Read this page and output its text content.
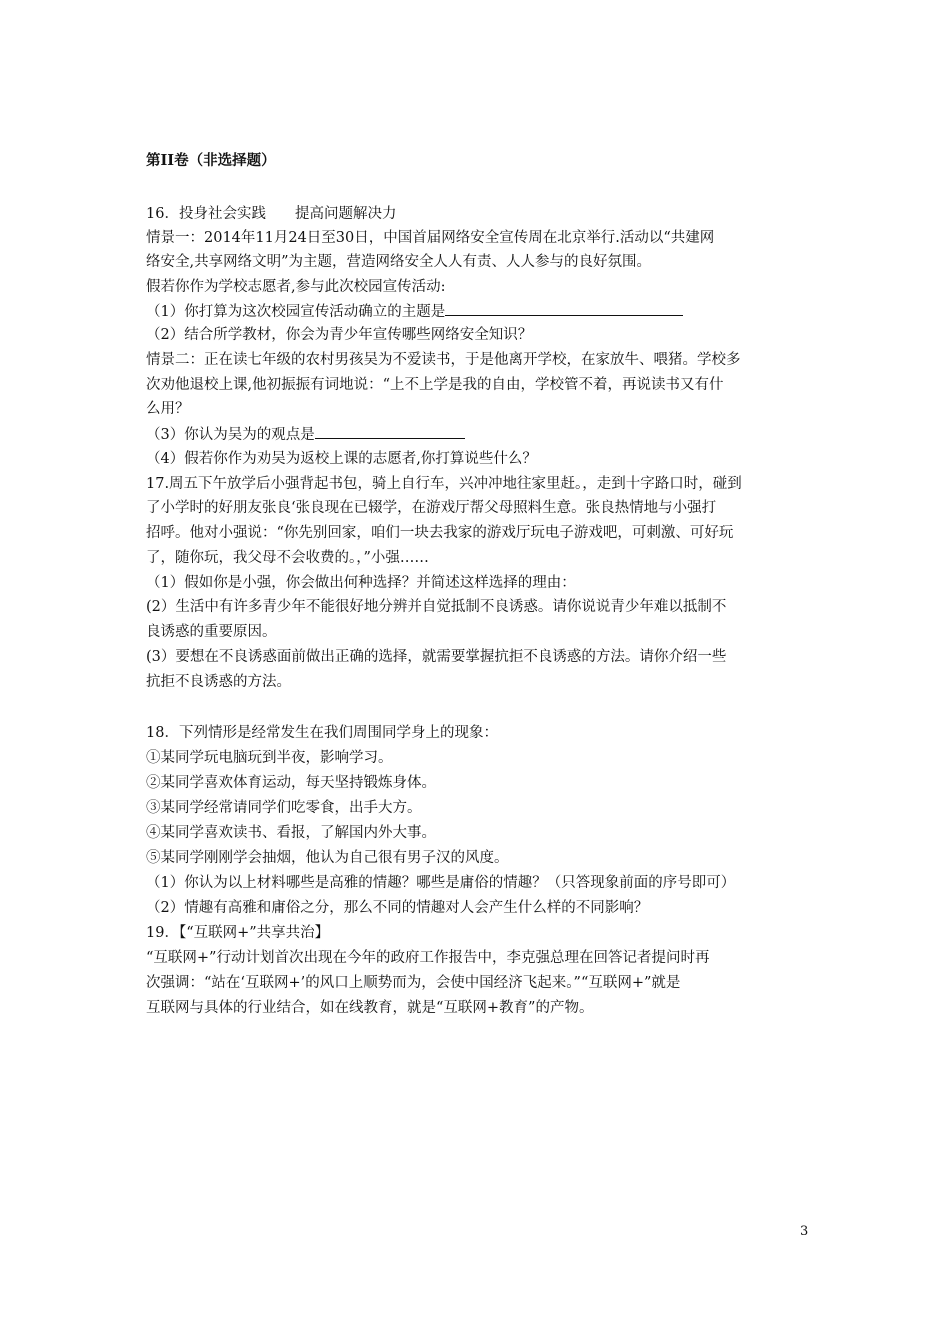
第II卷（非选择题）
16．投身社会实践　　提高问题解决力
情景一：2014年11月24日至30日，中国首届网络安全宣传周在北京举行.活动以“共建网
络安全,共享网络文明”为主题，营造网络安全人人有责、人人参与的良好氛围。
假若你作为学校志愿者,参与此次校园宣传活动:
（1）你打算为这次校园宣传活动确立的主题是
（2）结合所学教材，你会为青少年宣传哪些网络安全知识？
情景二：正在读七年级的农村男孩吴为不爱读书，于是他离开学校，在家放牛、喂猪。学校多
次劝他退校上课,他初振振有词地说：“上不上学是我的自由，学校管不着，再说读书又有什
么用？
（3）你认为吴为的观点是
（4）假若你作为劝吴为返校上课的志愿者,你打算说些什么？
17.周五下午放学后小强背起书包，骑上自行车，兴冲冲地往家里赶。，走到十字路口时，碰到
了小学时的好朋友张良‘张良现在已辍学，在游戏厅帮父母照料生意。张良热情地与小强打
招呼。他对小强说：“你先别回家，咱们一块去我家的游戏厅玩电子游戏吧，可刺激、可好玩
了，随你玩，我父母不会收费的。，”小强……
（1）假如你是小强，你会做出何种选择？并简述这样选择的理由：
(2）生活中有许多青少年不能很好地分辨并自觉抵制不良诱惑。请你说说青少年难以抵制不
良诱惑的重要原因。
(3）要想在不良诱惑面前做出正确的选择，就需要掌握抗拒不良诱惑的方法。请你介绍一些
抗拒不良诱惑的方法。
18．下列情形是经常发生在我们周围同学身上的现象：
①某同学玩电脑玩到半夜，影响学习。
②某同学喜欢体育运动，每天坚持锻炼身体。
③某同学经常请同学们吃零食，出手大方。
④某同学喜欢读书、看报，了解国内外大事。
⑤某同学刚刚学会抽烟，他认为自己很有男子汉的风度。
（1）你认为以上材料哪些是高雅的情趣？哪些是庸俗的情趣？（只答现象前面的序号即可）
（2）情趣有高雅和庸俗之分，那么不同的情趣对人会产生什么样的不同影响？
19．【“互联网+”共享共治】
“互联网+”行动计划首次出现在今年的政府工作报告中，李克强总理在回答记者提问时再
次强调：“站在‘互联网+’的风口上顺势而为，会使中国经济飞起来。”“互联网+”就是
互联网与具体的行业结合，如在线教育，就是“互联网+教育”的产物。
3
